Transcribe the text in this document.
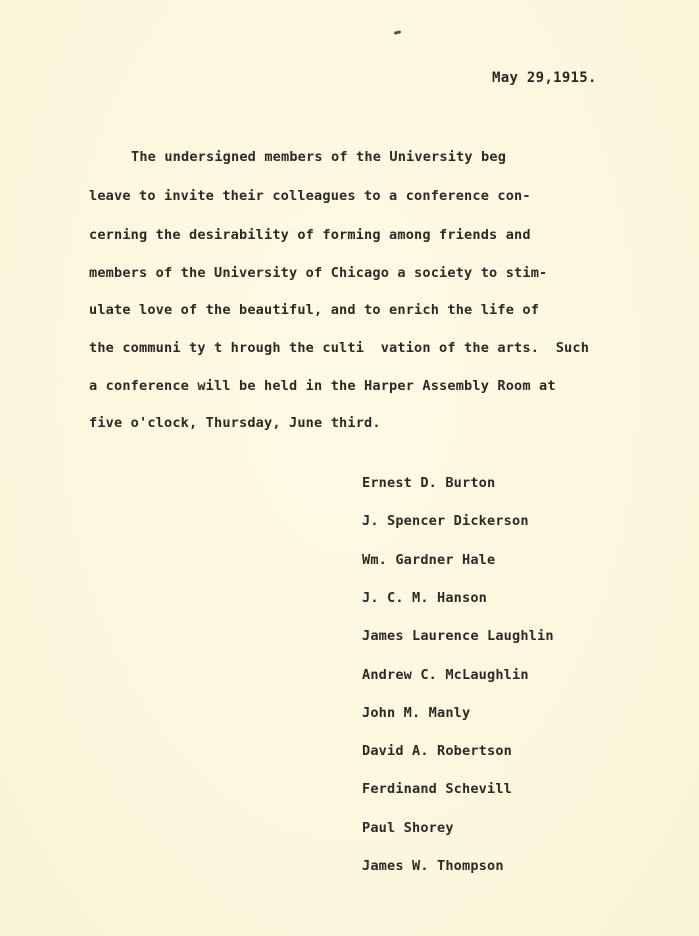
May 29,1915.
The undersigned members of the University beg
leave to invite their colleagues to a conference con-
cerning the desirability of forming among friends and
members of the University of Chicago a society to stim-
ulate love of the beautiful, and to enrich the life of
the communi ty t hrough the culti  vation of the arts.  Such
a conference will be held in the Harper Assembly Room at
five o'clock, Thursday, June third.
Ernest D. Burton
J. Spencer Dickerson
Wm. Gardner Hale
J. C. M. Hanson
James Laurence Laughlin
Andrew C. McLaughlin
John M. Manly
David A. Robertson
Ferdinand Schevill
Paul Shorey
James W. Thompson
